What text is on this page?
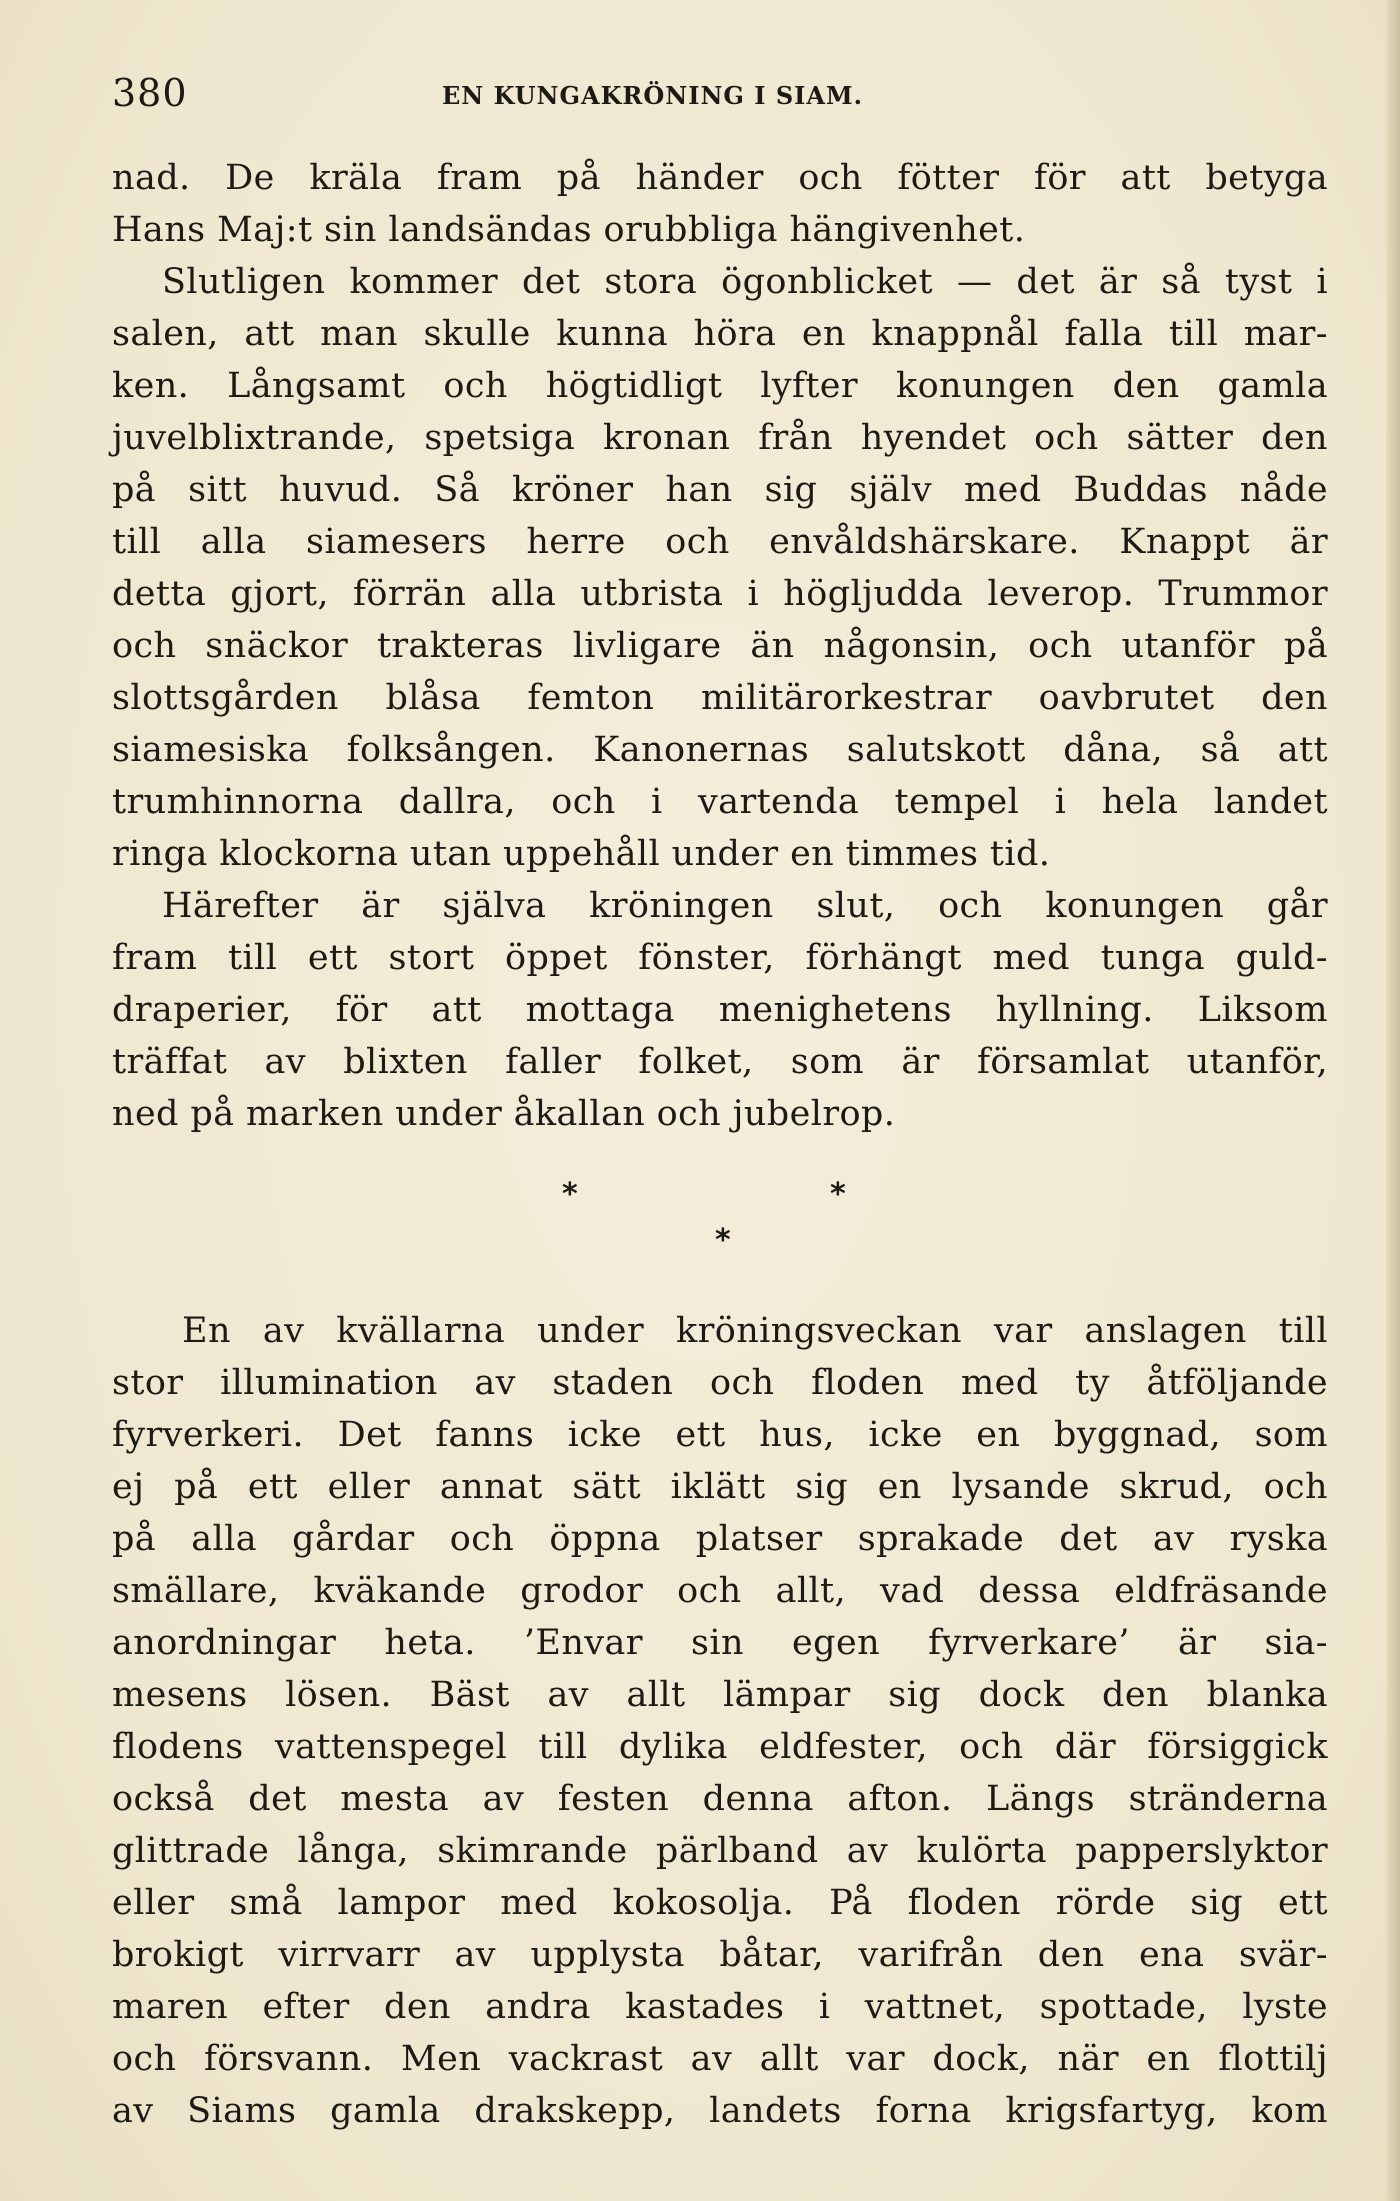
380	EN KUNGAKRÖNING I SIAM.
nad. De kräla fram på händer och fötter för att betyga
Hans Maj:t sin landsändas orubbliga hängivenhet.
Slutligen kommer det stora ögonblicket — det är så tyst i
salen, att man skulle kunna höra en knappnål falla till mar-
ken. Långsamt och högtidligt lyfter konungen den gamla
juvelblixtrande, spetsiga kronan från hyendet och sätter den
på sitt huvud. Så kröner han sig själv med Buddas nåde
till alla siamesers herre och envåldshärskare. Knappt är
detta gjort, förrän alla utbrista i högljudda leverop. Trummor
och snäckor trakteras livligare än någonsin, och utanför på
slottsgården blåsa femton militärorkestrar oavbrutet den
siamesiska folksången. Kanonernas salutskott dåna, så att
trumhinnorna dallra, och i vartenda tempel i hela landet
ringa klockorna utan uppehåll under en timmes tid.
Härefter är själva kröningen slut, och konungen går
fram till ett stort öppet fönster, förhängt med tunga guld-
draperier, för att mottaga menighetens hyllning. Liksom
träffat av blixten faller folket, som är församlat utanför,
ned på marken under åkallan och jubelrop.
*	*
*
En av kvällarna under kröningsveckan var anslagen till
stor illumination av staden och floden med ty åtföljande
fyrverkeri. Det fanns icke ett hus, icke en byggnad, som
ej på ett eller annat sätt iklätt sig en lysande skrud, och
på alla gårdar och öppna platser sprakade det av ryska
smällare, kväkande grodor och allt, vad dessa eldfräsande
anordningar heta. ’Envar sin egen fyrverkare’ är sia-
mesens lösen. Bäst av allt lämpar sig dock den blanka
flodens vattenspegel till dylika eldfester, och där försiggick
också det mesta av festen denna afton. Längs stränderna
glittrade långa, skimrande pärlband av kulörta papperslyktor
eller små lampor med kokosolja. På floden rörde sig ett
brokigt virrvarr av upplysta båtar, varifrån den ena svär-
maren efter den andra kastades i vattnet, spottade, lyste
och försvann. Men vackrast av allt var dock, när en flottilj
av Siams gamla drakskepp, landets forna krigsfartyg, kom
